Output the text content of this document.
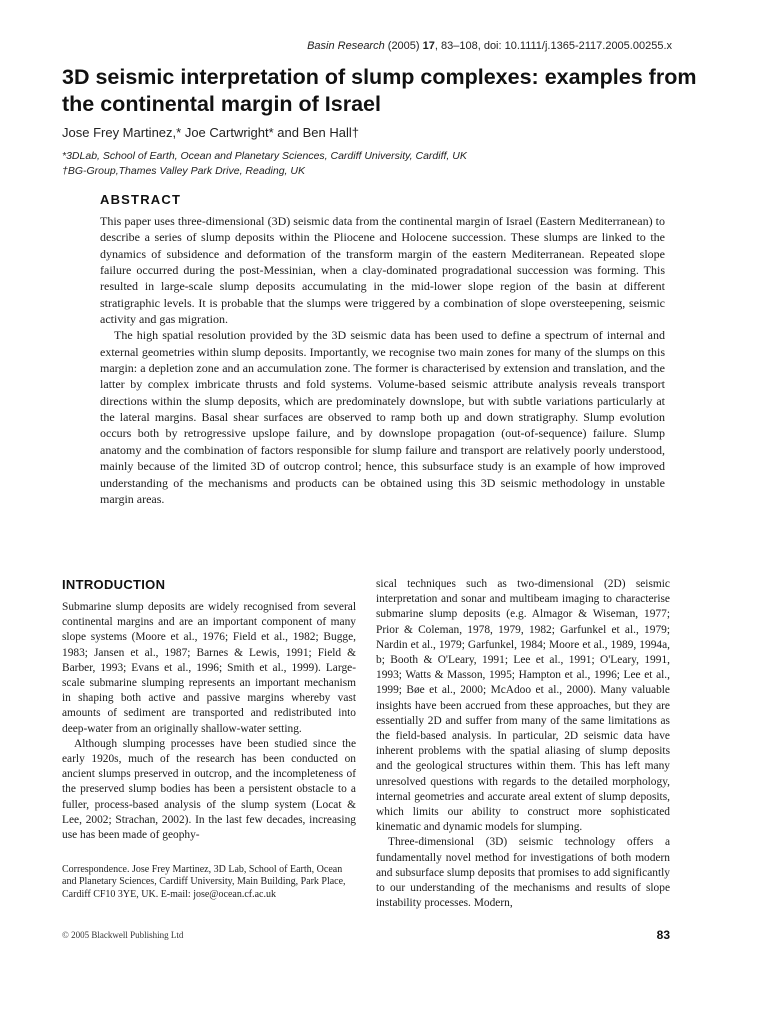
Basin Research (2005) 17, 83–108, doi: 10.1111/j.1365-2117.2005.00255.x
3D seismic interpretation of slump complexes: examples from the continental margin of Israel
Jose Frey Martinez,* Joe Cartwright* and Ben Hall†
*3DLab, School of Earth, Ocean and Planetary Sciences, Cardiff University, Cardiff, UK
†BG-Group,Thames Valley Park Drive, Reading, UK
ABSTRACT

This paper uses three-dimensional (3D) seismic data from the continental margin of Israel (Eastern Mediterranean) to describe a series of slump deposits within the Pliocene and Holocene succession. These slumps are linked to the dynamics of subsidence and deformation of the transform margin of the eastern Mediterranean. Repeated slope failure occurred during the post-Messinian, when a clay-dominated progradational succession was forming. This resulted in large-scale slump deposits accumulating in the mid-lower slope region of the basin at different stratigraphic levels. It is probable that the slumps were triggered by a combination of slope oversteepening, seismic activity and gas migration.

The high spatial resolution provided by the 3D seismic data has been used to define a spectrum of internal and external geometries within slump deposits. Importantly, we recognise two main zones for many of the slumps on this margin: a depletion zone and an accumulation zone. The former is characterised by extension and translation, and the latter by complex imbricate thrusts and fold systems. Volume-based seismic attribute analysis reveals transport directions within the slump deposits, which are predominately downslope, but with subtle variations particularly at the lateral margins. Basal shear surfaces are observed to ramp both up and down stratigraphy. Slump evolution occurs both by retrogressive upslope failure, and by downslope propagation (out-of-sequence) failure. Slump anatomy and the combination of factors responsible for slump failure and transport are relatively poorly understood, mainly because of the limited 3D of outcrop control; hence, this subsurface study is an example of how improved understanding of the mechanisms and products can be obtained using this 3D seismic methodology in unstable margin areas.

INTRODUCTION

Submarine slump deposits are widely recognised from several continental margins and are an important component of many slope systems (Moore et al., 1976; Field et al., 1982; Bugge, 1983; Jansen et al., 1987; Barnes & Lewis, 1991; Field & Barber, 1993; Evans et al., 1996; Smith et al., 1999). Large-scale submarine slumping represents an important mechanism in shaping both active and passive margins whereby vast amounts of sediment are transported and redistributed into deep-water from an originally shallow-water setting.

Although slumping processes have been studied since the early 1920s, much of the research has been conducted on ancient slumps preserved in outcrop, and the incompleteness of the preserved slump bodies has been a persistent obstacle to a fuller, process-based analysis of the slump system (Locat & Lee, 2002; Strachan, 2002). In the last few decades, increasing use has been made of geophy-

sical techniques such as two-dimensional (2D) seismic interpretation and sonar and multibeam imaging to characterise submarine slump deposits (e.g. Almagor & Wiseman, 1977; Prior & Coleman, 1978, 1979, 1982; Garfunkel et al., 1979; Nardin et al., 1979; Garfunkel, 1984; Moore et al., 1989, 1994a, b; Booth & O'Leary, 1991; Lee et al., 1991; O'Leary, 1991, 1993; Watts & Masson, 1995; Hampton et al., 1996; Lee et al., 1999; Bøe et al., 2000; McAdoo et al., 2000). Many valuable insights have been accrued from these approaches, but they are essentially 2D and suffer from many of the same limitations as the field-based analysis. In particular, 2D seismic data have inherent problems with the spatial aliasing of slump deposits and the geological structures within them. This has left many unresolved questions with regards to the detailed morphology, internal geometries and accurate areal extent of slump deposits, which limits our ability to construct more sophisticated kinematic and dynamic models for slumping.

Three-dimensional (3D) seismic technology offers a fundamentally novel method for investigations of both modern and subsurface slump deposits that promises to add significantly to our understanding of the mechanisms and results of slope instability processes. Modern,

Correspondence. Jose Frey Martinez, 3D Lab, School of Earth, Ocean and Planetary Sciences, Cardiff University, Main Building, Park Place, Cardiff CF10 3YE, UK. E-mail: jose@ocean.cf.ac.uk
© 2005 Blackwell Publishing Ltd	83
